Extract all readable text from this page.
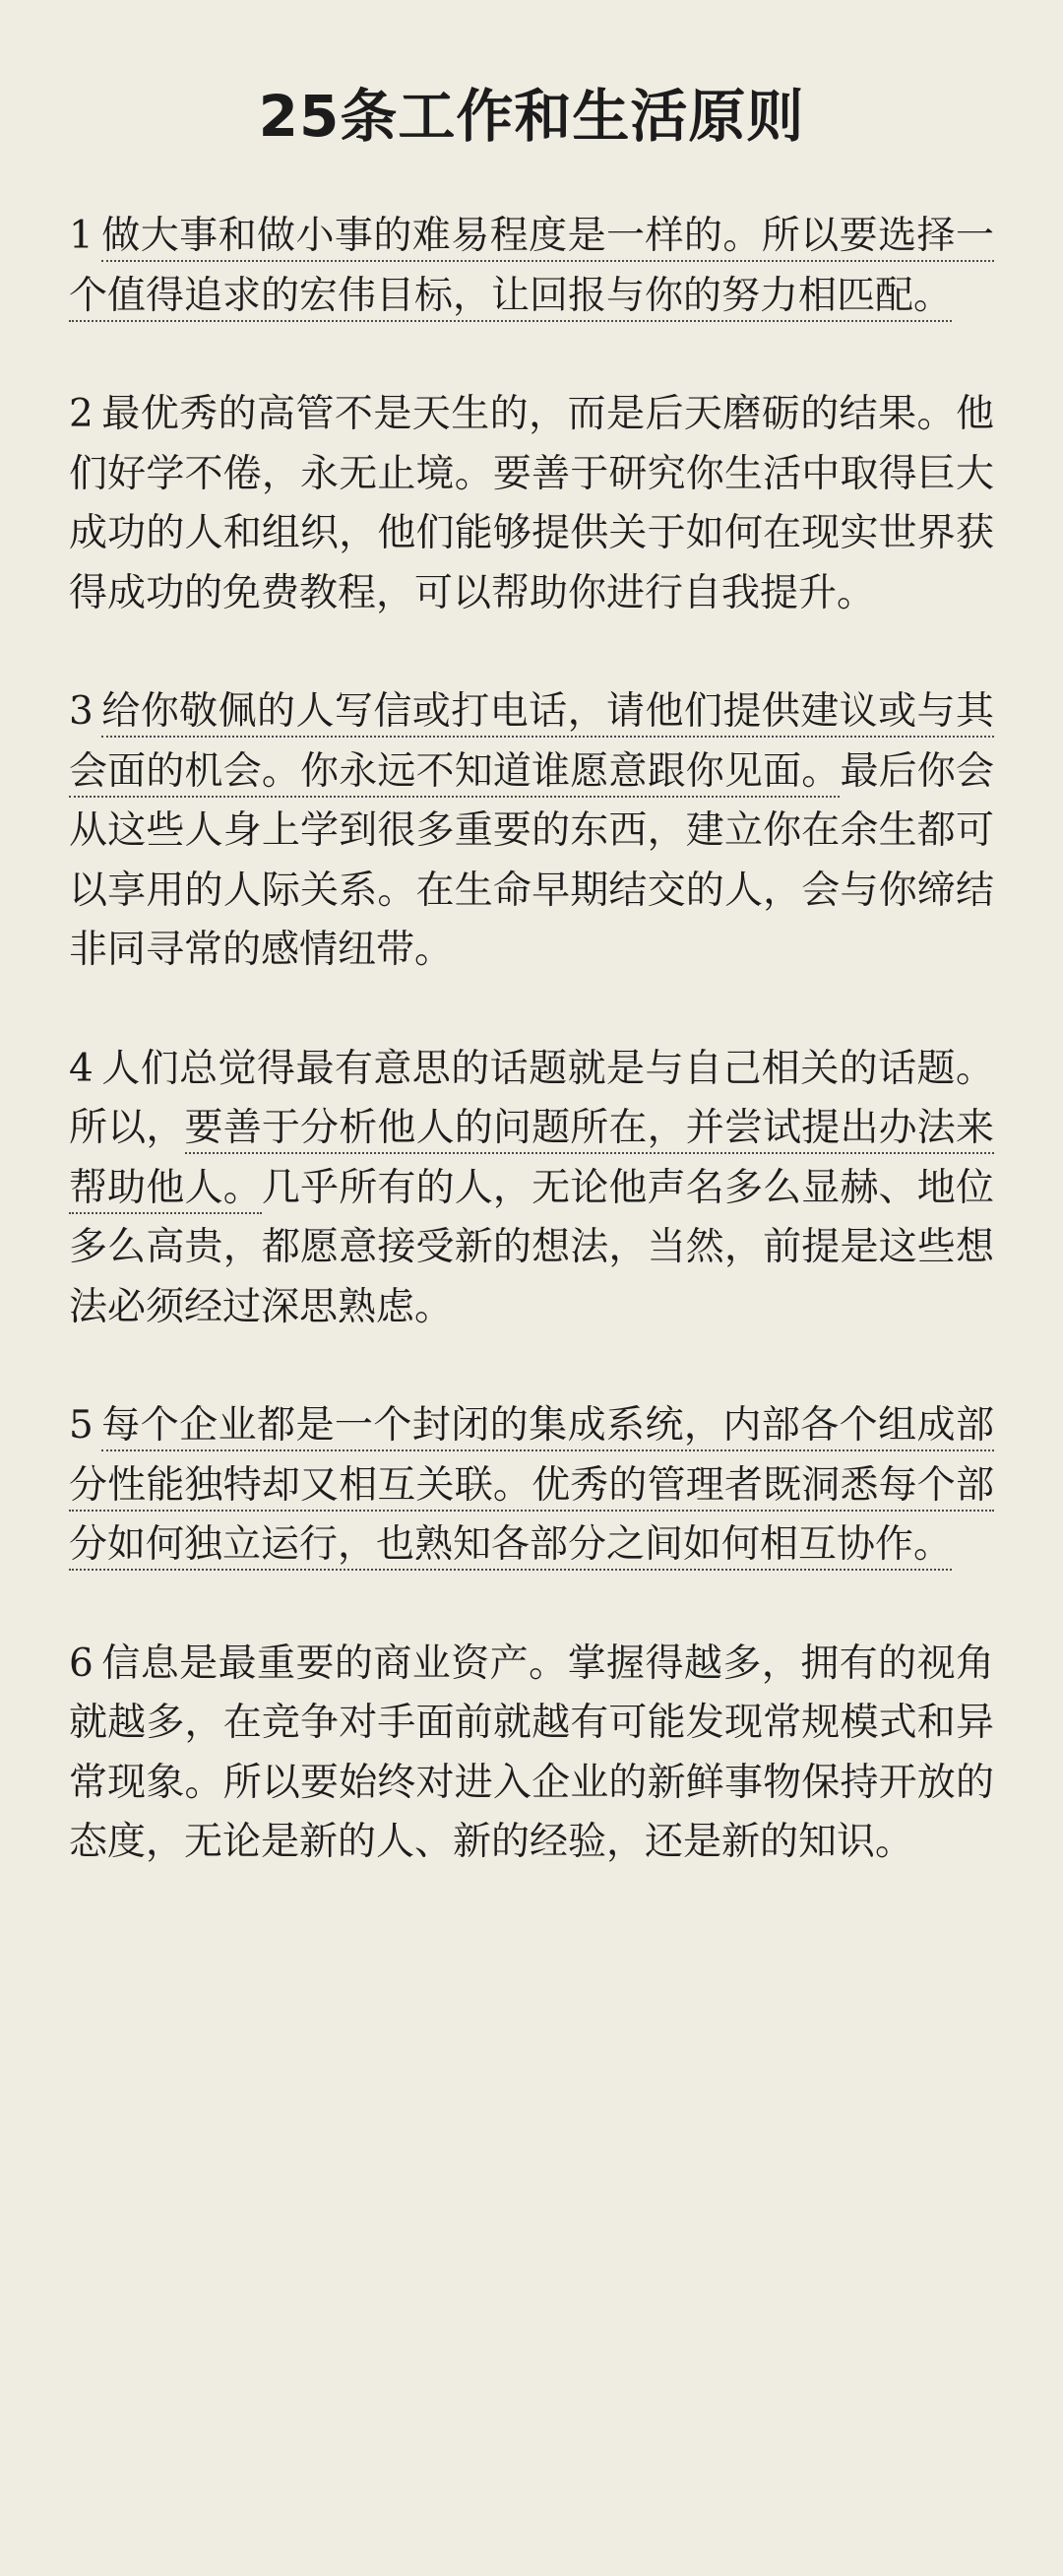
25条工作和生活原则

1 做大事和做小事的难易程度是一样的。所以要选择一个值得追求的宏伟目标，让回报与你的努力相匹配。

2 最优秀的高管不是天生的，而是后天磨砺的结果。他们好学不倦，永无止境。要善于研究你生活中取得巨大成功的人和组织，他们能够提供关于如何在现实世界获得成功的免费教程，可以帮助你进行自我提升。

3 给你敬佩的人写信或打电话，请他们提供建议或与其会面的机会。你永远不知道谁愿意跟你见面。最后你会从这些人身上学到很多重要的东西，建立你在余生都可以享用的人际关系。在生命早期结交的人，会与你缔结非同寻常的感情纽带。

4 人们总觉得最有意思的话题就是与自己相关的话题。所以，要善于分析他人的问题所在，并尝试提出办法来帮助他人。几乎所有的人，无论他声名多么显赫、地位多么高贵，都愿意接受新的想法，当然，前提是这些想法必须经过深思熟虑。

5 每个企业都是一个封闭的集成系统，内部各个组成部分性能独特却又相互关联。优秀的管理者既洞悉每个部分如何独立运行，也熟知各部分之间如何相互协作。

6 信息是最重要的商业资产。掌握得越多，拥有的视角就越多，在竞争对手面前就越有可能发现常规模式和异常现象。所以要始终对进入企业的新鲜事物保持开放的态度，无论是新的人、新的经验，还是新的知识。
